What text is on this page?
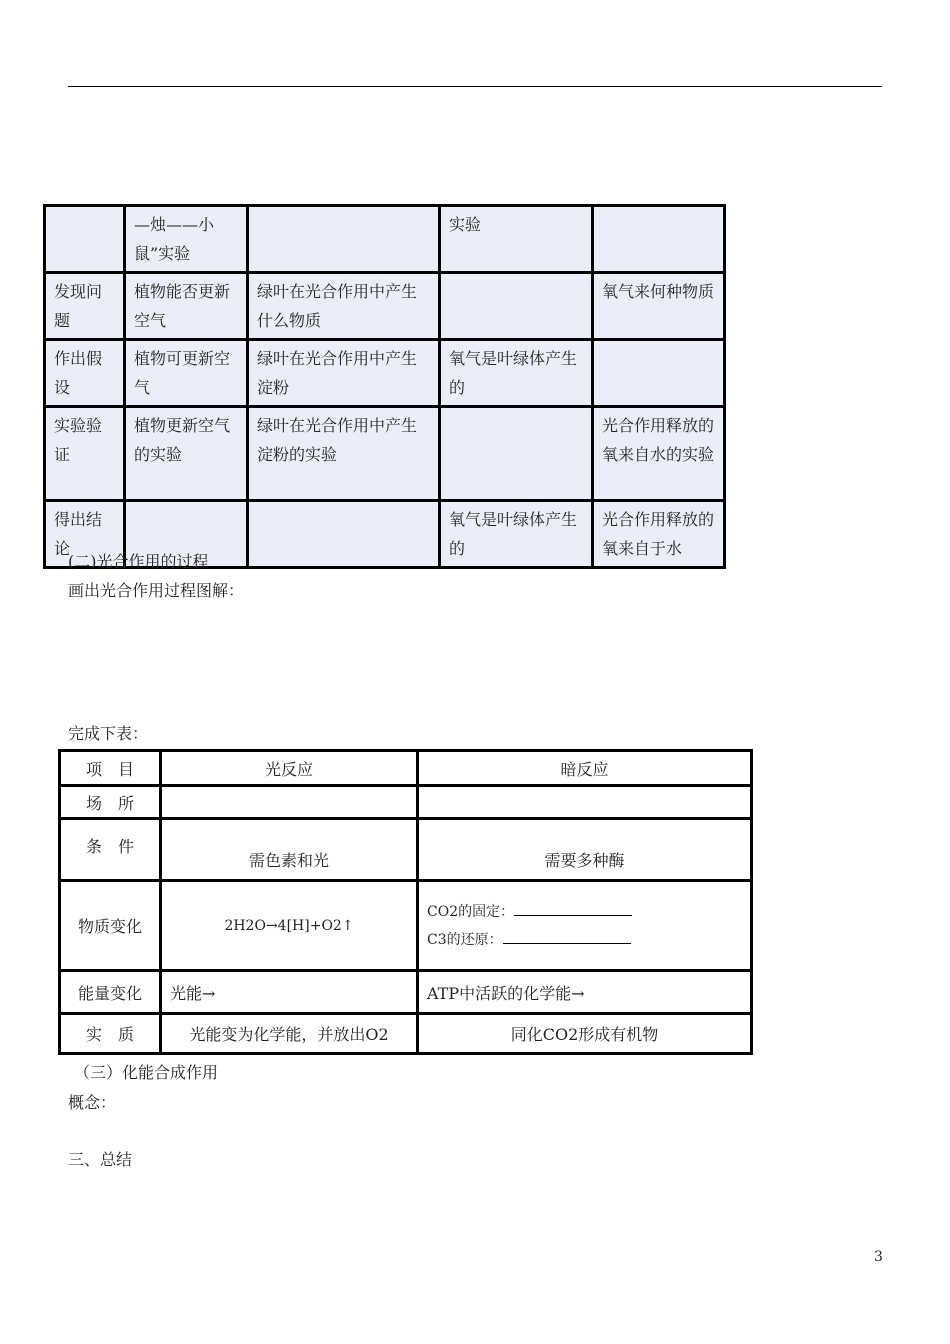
	—烛——小鼠”实验		实验	
发现问题	植物能否更新空气	绿叶在光合作用中产生什么物质		氧气来何种物质
作出假设	植物可更新空气	绿叶在光合作用中产生淀粉	氧气是叶绿体产生的	
实验验证	植物更新空气的实验	绿叶在光合作用中产生淀粉的实验		光合作用释放的氧来自水的实验
得出结论			氧气是叶绿体产生的	光合作用释放的氧来自于水
(二)光合作用的过程
画出光合作用过程图解：
完成下表：
项　目	光反应	暗反应
场　所		
条　件	需色素和光	需要多种酶
物质变化	2H2O→4[H]+O2↑	CO2的固定：
C3的还原：

能量变化	光能→	ATP中活跃的化学能→
实　质	光能变为化学能，并放出O2	同化CO2形成有机物
（三）化能合成作用
概念：
三、总结
3
